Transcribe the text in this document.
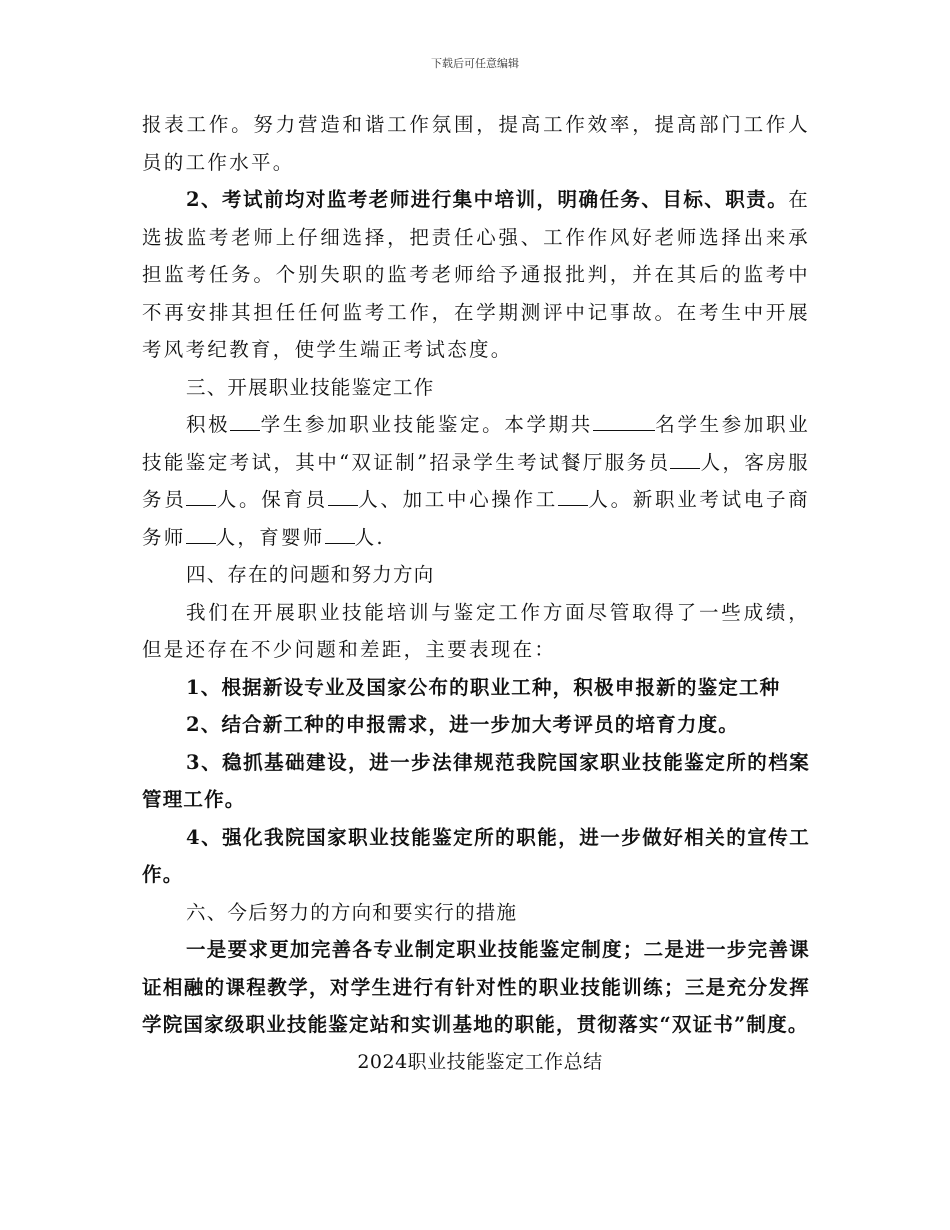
下载后可任意编辑

报表工作。努力营造和谐工作氛围，提高工作效率，提高部门工作人员的工作水平。

2、考试前均对监考老师进行集中培训，明确任务、目标、职责。在选拔监考老师上仔细选择，把责任心强、工作作风好老师选择出来承担监考任务。个别失职的监考老师给予通报批判，并在其后的监考中不再安排其担任任何监考工作，在学期测评中记事故。在考生中开展考风考纪教育，使学生端正考试态度。

三、开展职业技能鉴定工作

积极 学生参加职业技能鉴定。本学期共	名学生参加职业技能鉴定考试，其中“双证制”招录学生考试餐厅服务员 人，客房服务员 人。保育员 人、加工中心操作工 人。新职业考试电子商务师 人，育婴师 人.

四、存在的问题和努力方向

我们在开展职业技能培训与鉴定工作方面尽管取得了一些成绩，但是还存在不少问题和差距，主要表现在：

1、根据新设专业及国家公布的职业工种，积极申报新的鉴定工种

2、结合新工种的申报需求，进一步加大考评员的培育力度。

3、稳抓基础建设，进一步法律规范我院国家职业技能鉴定所的档案管理工作。

4、强化我院国家职业技能鉴定所的职能，进一步做好相关的宣传工作。

六、今后努力的方向和要实行的措施

一是要求更加完善各专业制定职业技能鉴定制度；二是进一步完善课证相融的课程教学，对学生进行有针对性的职业技能训练；三是充分发挥学院国家级职业技能鉴定站和实训基地的职能，贯彻落实“双证书”制度。

2024职业技能鉴定工作总结
